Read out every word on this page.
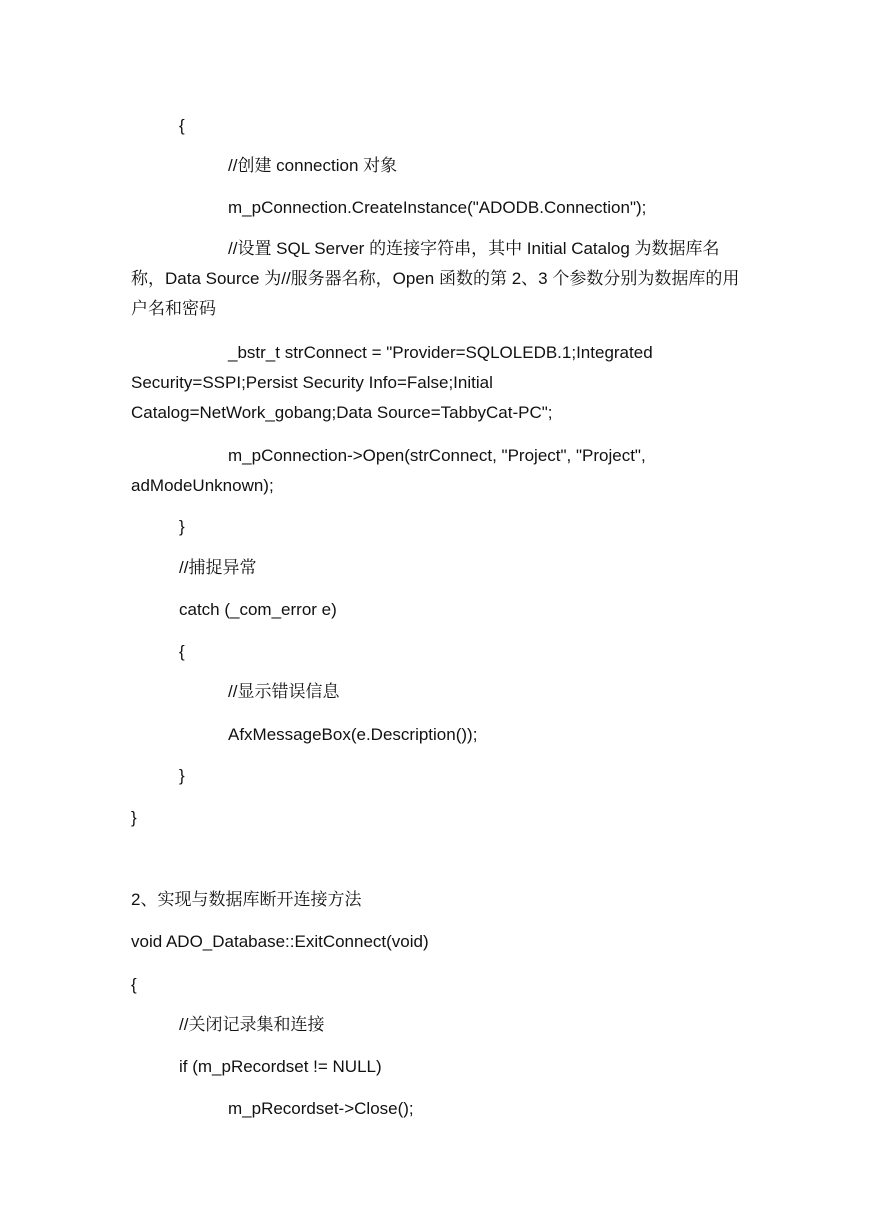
{
//创建 connection 对象
m_pConnection.CreateInstance("ADODB.Connection");
//设置 SQL Server 的连接字符串，其中 Initial Catalog 为数据库名称，Data Source 为//服务器名称，Open 函数的第 2、3 个参数分别为数据库的用户名和密码
_bstr_t strConnect = "Provider=SQLOLEDB.1;Integrated
Security=SSPI;Persist Security Info=False;Initial
Catalog=NetWork_gobang;Data Source=TabbyCat-PC";
m_pConnection->Open(strConnect, "Project", "Project",
adModeUnknown);
}
//捕捉异常
catch (_com_error e)
{
//显示错误信息
AfxMessageBox(e.Description());
}
}
2、实现与数据库断开连接方法
void ADO_Database::ExitConnect(void)
{
//关闭记录集和连接
if (m_pRecordset != NULL)
m_pRecordset->Close();
